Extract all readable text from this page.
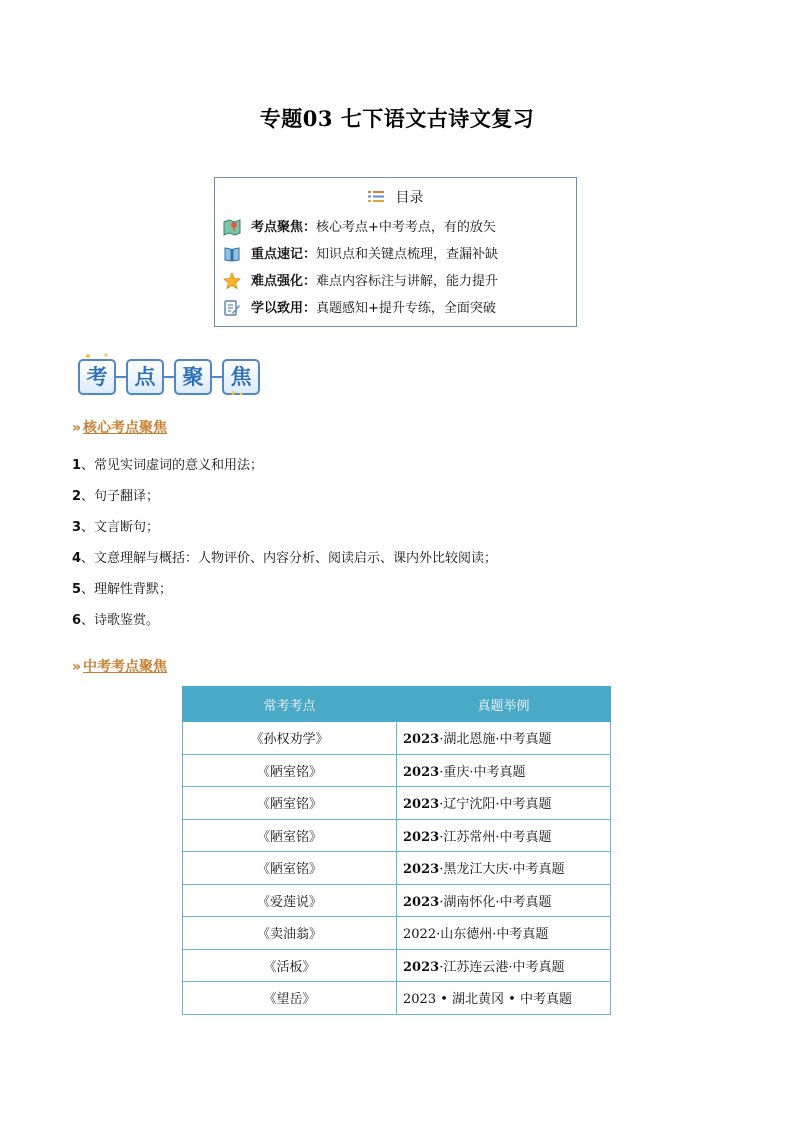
专题03 七下语文古诗文复习
目录
考点聚焦：核心考点+中考考点，有的放矢
重点速记：知识点和关键点梳理，查漏补缺
难点强化：难点内容标注与讲解，能力提升
学以致用：真题感知+提升专练，全面突破
考	点	聚	焦
» 核心考点聚焦
1、常见实词虚词的意义和用法；
2、句子翻译；
3、文言断句；
4、文意理解与概括：人物评价、内容分析、阅读启示、课内外比较阅读；
5、理解性背默；
6、诗歌鉴赏。
» 中考考点聚焦
常考考点	真题举例
《孙权劝学》	2023·湖北恩施·中考真题
《陋室铭》	2023·重庆·中考真题
《陋室铭》	2023·辽宁沈阳·中考真题
《陋室铭》	2023·江苏常州·中考真题
《陋室铭》	2023·黑龙江大庆·中考真题
《爱莲说》	2023·湖南怀化·中考真题
《卖油翁》	2022·山东德州·中考真题
《活板》	2023·江苏连云港·中考真题
《望岳》	2023 • 湖北黄冈 • 中考真题
